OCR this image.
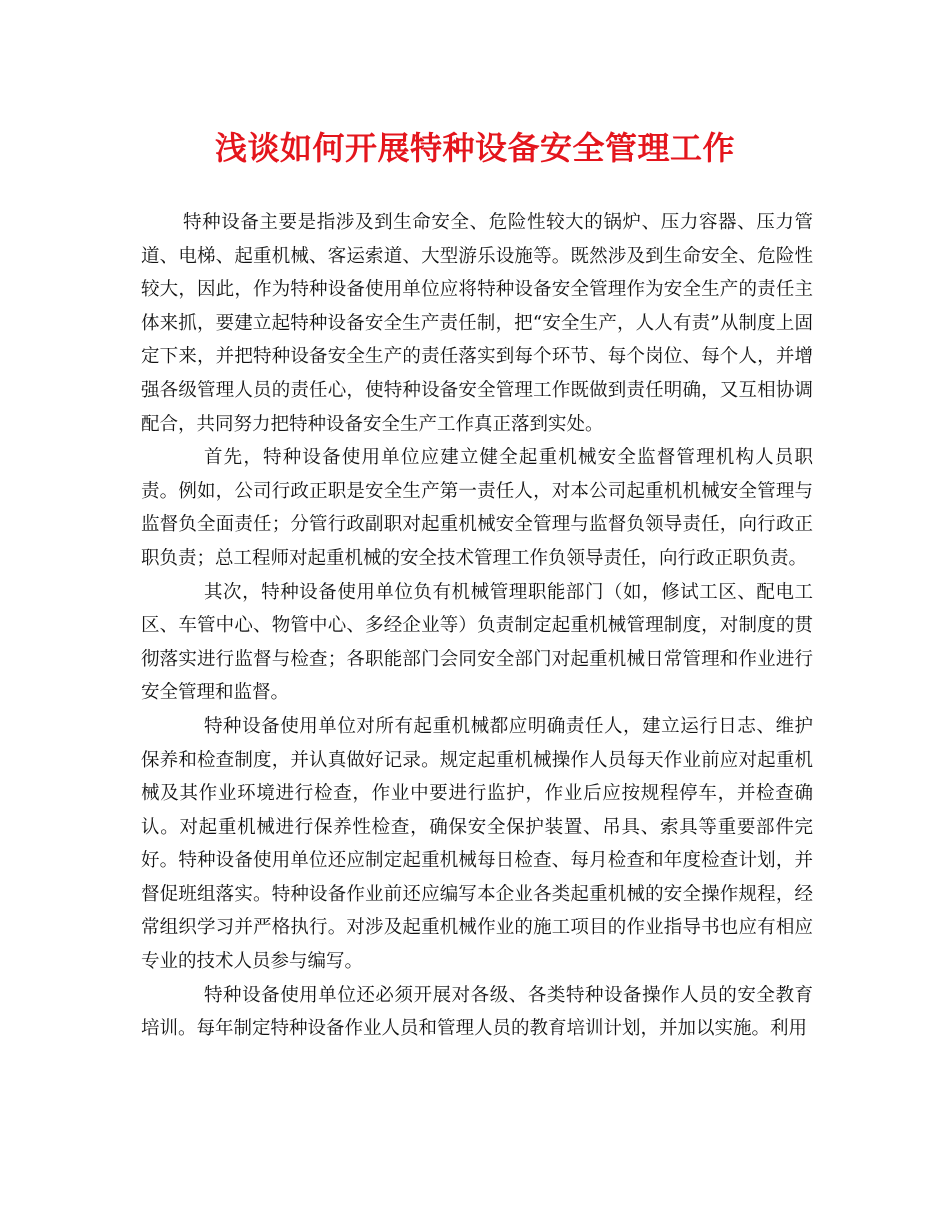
浅谈如何开展特种设备安全管理工作

特种设备主要是指涉及到生命安全、危险性较大的锅炉、压力容器、压力管道、电梯、起重机械、客运索道、大型游乐设施等。既然涉及到生命安全、危险性较大，因此，作为特种设备使用单位应将特种设备安全管理作为安全生产的责任主体来抓，要建立起特种设备安全生产责任制，把“安全生产，人人有责”从制度上固定下来，并把特种设备安全生产的责任落实到每个环节、每个岗位、每个人，并增强各级管理人员的责任心，使特种设备安全管理工作既做到责任明确，又互相协调配合，共同努力把特种设备安全生产工作真正落到实处。

首先，特种设备使用单位应建立健全起重机械安全监督管理机构人员职责。例如，公司行政正职是安全生产第一责任人，对本公司起重机机械安全管理与监督负全面责任；分管行政副职对起重机械安全管理与监督负领导责任，向行政正职负责；总工程师对起重机械的安全技术管理工作负领导责任，向行政正职负责。

其次，特种设备使用单位负有机械管理职能部门（如，修试工区、配电工区、车管中心、物管中心、多经企业等）负责制定起重机械管理制度，对制度的贯彻落实进行监督与检查；各职能部门会同安全部门对起重机械日常管理和作业进行安全管理和监督。

特种设备使用单位对所有起重机械都应明确责任人，建立运行日志、维护保养和检查制度，并认真做好记录。规定起重机械操作人员每天作业前应对起重机械及其作业环境进行检查，作业中要进行监护，作业后应按规程停车，并检查确认。对起重机械进行保养性检查，确保安全保护装置、吊具、索具等重要部件完好。特种设备使用单位还应制定起重机械每日检查、每月检查和年度检查计划，并督促班组落实。特种设备作业前还应编写本企业各类起重机械的安全操作规程，经常组织学习并严格执行。对涉及起重机械作业的施工项目的作业指导书也应有相应专业的技术人员参与编写。

特种设备使用单位还必须开展对各级、各类特种设备操作人员的安全教育培训。每年制定特种设备作业人员和管理人员的教育培训计划，并加以实施。利用
